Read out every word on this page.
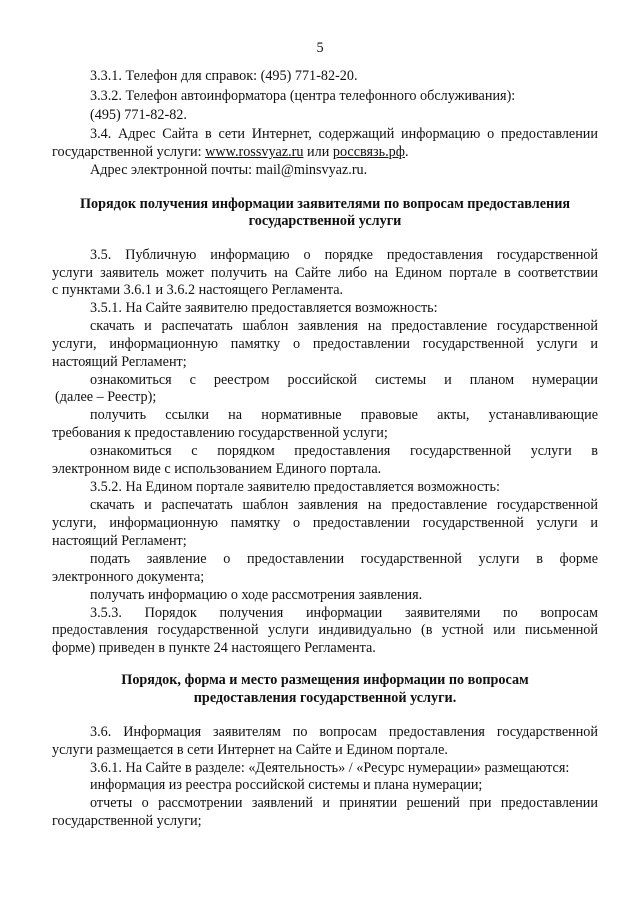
5
3.3.1. Телефон для справок: (495) 771-82-20.
3.3.2. Телефон автоинформатора (центра телефонного обслуживания):
(495) 771-82-82.
3.4. Адрес Сайта в сети Интернет, содержащий информацию о предоставлении
государственной услуги: www.rossvyaz.ru или россвязь.рф.
Адрес электронной почты: mail@minsvyaz.ru.
Порядок получения информации заявителями по вопросам предоставления
государственной услуги
3.5. Публичную информацию о порядке предоставления государственной
услуги заявитель может получить на Сайте либо на Едином портале в соответствии
с пунктами 3.6.1 и 3.6.2 настоящего Регламента.
3.5.1. На Сайте заявителю предоставляется возможность:
скачать и распечатать шаблон заявления на предоставление государственной
услуги, информационную памятку о предоставлении государственной услуги и
настоящий Регламент;
ознакомиться с реестром российской системы и планом нумерации
(далее – Реестр);
получить ссылки на нормативные правовые акты, устанавливающие
требования к предоставлению государственной услуги;
ознакомиться с порядком предоставления государственной услуги в
электронном виде с использованием Единого портала.
3.5.2. На Едином портале заявителю предоставляется возможность:
скачать и распечатать шаблон заявления на предоставление государственной
услуги, информационную памятку о предоставлении государственной услуги и
настоящий Регламент;
подать заявление о предоставлении государственной услуги в форме
электронного документа;
получать информацию о ходе рассмотрения заявления.
3.5.3. Порядок получения информации заявителями по вопросам
предоставления государственной услуги индивидуально (в устной или письменной
форме) приведен в пункте 24 настоящего Регламента.
Порядок, форма и место размещения информации по вопросам
предоставления государственной услуги.
3.6. Информация заявителям по вопросам предоставления государственной
услуги размещается в сети Интернет на Сайте и Едином портале.
3.6.1. На Сайте в разделе: «Деятельность» / «Ресурс нумерации» размещаются:
информация из реестра российской системы и плана нумерации;
отчеты о рассмотрении заявлений и принятии решений при предоставлении
государственной услуги;
